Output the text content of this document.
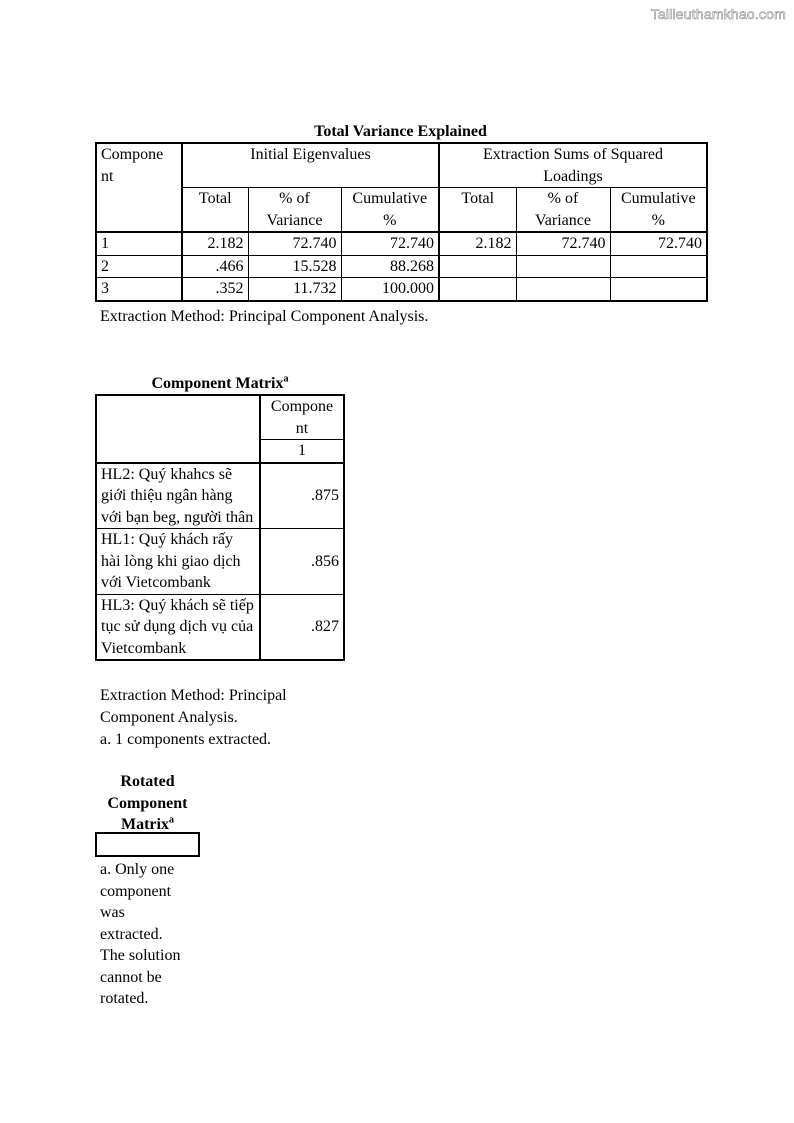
Tailieuthamkhao.com
Total Variance Explained
Compone
nt	Initial Eigenvalues			Extraction Sums of Squared
Loadings		
	Total	% of
Variance	Cumulative
%	Total	% of
Variance	Cumulative
%
1	2.182	72.740	72.740	2.182	72.740	72.740
2	.466	15.528	88.268			
3	.352	11.732	100.000			
Extraction Method: Principal Component Analysis.
Component Matrix$^a$
	Compone
nt
	1
HL2: Quý khahcs sẽ giới thiệu ngân hàng với bạn beg, người thân	.875
HL1: Quý khách rấy hài lòng khi giao dịch với Vietcombank	.856
HL3: Quý khách sẽ tiếp tục sử dụng dịch vụ của Vietcombank	.827
Extraction Method: Principal
Component Analysis.
a. 1 components extracted.
Rotated
Component
Matrix$^a$
a. Only one
component
was
extracted.
The solution
cannot be
rotated.
